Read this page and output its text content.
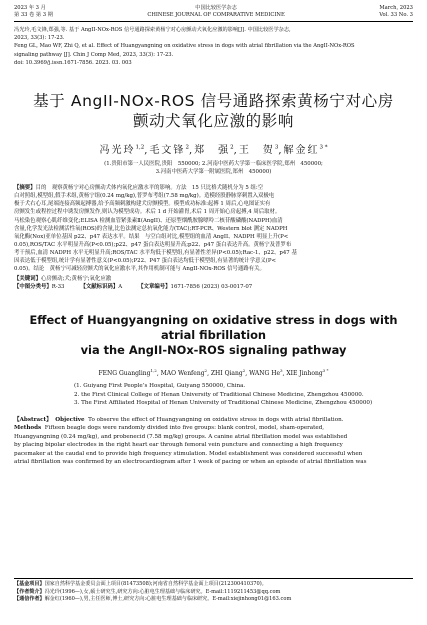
2023 年 3 月
第 33 卷 第 3 期
中国比较医学杂志
CHINESE JOURNAL OF COMPARATIVE MEDICINE
March, 2023
Vol. 33 No. 3
冯光玲,毛文锋,郑强,等. 基于 AngII-NOx-ROS 信号通路探索黄杨宁对心房颤动犬氧化应激的影响[J]. 中国比较医学杂志,
2023, 33(3): 17-23.
Feng GL, Mao WF, Zhi Q, et al. Effect of Huangyangning on oxidative stress in dogs with atrial fibrillation via the AngII-NOx-ROS
signaling pathway [J]. Chin J Comp Med, 2023, 33(3): 17-23.
doi: 10.3969/j.issn.1671-7856. 2023. 03. 003
基于 AngII-NOx-ROS 信号通路探索黄杨宁对心房
颤动犬氧化应激的影响
冯光玲$^{1,2}$,毛文锋$^2$,郑　强$^2$,王　贺$^3$,解金红$^{3 *}$
(1.贵阳市第一人民医院,贵阳　550000; 2.河南中医药大学第一临床医学院,郑州　450000;
3.河南中医药大学第一附属医院,郑州　450000)
【摘要】目的　观察黄杨宁对心房颤动犬体内氧化应激水平的影响。方法　15 只比格犬随机分为 5 组:空
白对照组,模型组,假手术组,黄杨宁组(0.24 mg/kg),普罗布考组(7.58 mg/kg)。造模经股静脉穿刺置入双极电
极于犬右心耳,尾端连接高频起搏器,给予高频刺激构建犬房颤模型。模型成功标准:起搏 1 周后,心电图证实有
房颤发生或程控过程中诱发房颤发作,则认为模型成功。术后 1 d 开始灌胃,术后 1 周开始心房起搏,4 周后取材。
马松染色观察心肌纤维变化;ELISA 检测血管紧张素Ⅱ(AngII)、还原型烟酰胺腺嘌呤二核苷酸磷酸(NADPH)血清
含量,化学发光法检测活性氧(ROS)的含量,比色法测定总抗氧化能力(TAC);RT-PCR、Western blot 测定 NADPH
氧化酶(Nox)亚单位基因 p22、p47 表达水平。结果　与空白组对比,模型组的血清 AngII、NADPH 明显上升(P<
0.05),ROS/TAC 水平明显升高(P<0.05);p22、p47 蛋白表达明显升高;p22、p47 蛋白表达升高。黄杨宁及普罗布
考干预后,血清 NADPH 水平无明显升高;ROS/TAC 水平均低于模型组,有显著性差异(P<0.05);Rac-1、p22、p47 基
因表达低于模型组,统计学有显著性意义(P<0.05);P22、P47 蛋白表达均低于模型组,有显著的统计学意义(P<
0.05)。结论　黄杨宁可减轻房颤犬的氧化应激水平,其作用机制可能与 AngII-NOx-ROS 信号通路有关。
【关键词】心房颤动;犬;黄杨宁;氧化应激
【中图分类号】R-33	【文献标识码】A	【文章编号】1671-7856 (2023) 03-0017-07
Effect of Huangyangning on oxidative stress in dogs with atrial fibrillation
via the AngII-NOx-ROS signaling pathway
FENG Guangling$^{1,2}$, MAO Wenfeng$^2$, ZHI Qiang$^2$, WANG He$^3$, XIE Jinhong$^{3 *}$
(1. Guiyang First People’s Hospital, Guiyang 550000, China.
2. the First Clinical College of Henan University of Traditional Chinese Medicine, Zhengzhou 450000.
3. The First Affiliated Hospital of Henan University of Traditional Chinese Medicine, Zhengzhou 450000)
【Abstract】 Objective To observe the effect of Huangyangning on oxidative stress in dogs with atrial fibrillation.
Methods Fifteen beagle dogs were randomly divided into five groups: blank control, model, sham-operated,
Huangyangning (0.24 mg/kg), and probenecid (7.58 mg/kg) groups. A canine atrial fibrillation model was established
by placing bipolar electrodes in the right heart ear through femoral vein puncture and connecting a high frequency
pacemaker at the caudal end to provide high frequency stimulation. Model establishment was considered successful when
atrial fibrillation was confirmed by an electrocardiogram after 1 week of pacing or when an episode of atrial fibrillation was
【基金项目】国家自然科学基金委员会面上项目(81473508);河南省自然科学基金面上项目(212300410370)。
【作者简介】冯光玲(1996—),女,硕士研究生,研究方向:心脏电生理基础与临床研究。E-mail:1119211453@qq.com
【通信作者】解金红(1960—),男,主任医师,博士,研究方向:心脏电生理基础与临床研究。E-mail:xiejinhong01@163.com
